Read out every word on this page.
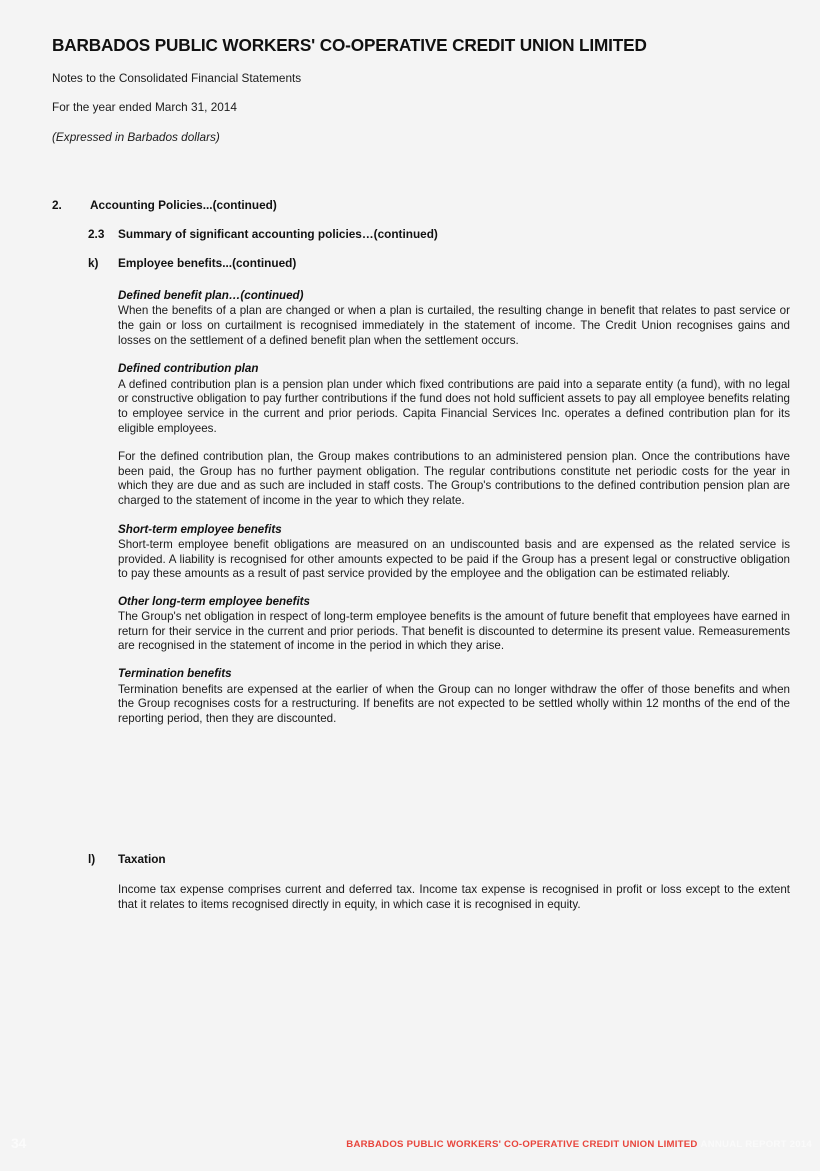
BARBADOS PUBLIC WORKERS' CO-OPERATIVE CREDIT UNION LIMITED

Notes to the Consolidated Financial Statements

For the year ended March 31, 2014

(Expressed in Barbados dollars)

2.	Accounting Policies...(continued)
2.3	Summary of significant accounting policies…(continued)
k)	Employee benefits...(continued)

Defined benefit plan…(continued)

When the benefits of a plan are changed or when a plan is curtailed, the resulting change in benefit that relates to past service or the gain or loss on curtailment is recognised immediately in the statement of income. The Credit Union recognises gains and losses on the settlement of a defined benefit plan when the settlement occurs.

Defined contribution plan

A defined contribution plan is a pension plan under which fixed contributions are paid into a separate entity (a fund), with no legal or constructive obligation to pay further contributions if the fund does not hold sufficient assets to pay all employee benefits relating to employee service in the current and prior periods. Capita Financial Services Inc. operates a defined contribution plan for its eligible employees.

For the defined contribution plan, the Group makes contributions to an administered pension plan. Once the contributions have been paid, the Group has no further payment obligation. The regular contributions constitute net periodic costs for the year in which they are due and as such are included in staff costs. The Group's contributions to the defined contribution pension plan are charged to the statement of income in the year to which they relate.

Short-term employee benefits

Short-term employee benefit obligations are measured on an undiscounted basis and are expensed as the related service is provided. A liability is recognised for other amounts expected to be paid if the Group has a present legal or constructive obligation to pay these amounts as a result of past service provided by the employee and the obligation can be estimated reliably.

Other long-term employee benefits

The Group's net obligation in respect of long-term employee benefits is the amount of future benefit that employees have earned in return for their service in the current and prior periods. That benefit is discounted to determine its present value. Remeasurements are recognised in the statement of income in the period in which they arise.

Termination benefits

Termination benefits are expensed at the earlier of when the Group can no longer withdraw the offer of those benefits and when the Group recognises costs for a restructuring. If benefits are not expected to be settled wholly within 12 months of the end of the reporting period, then they are discounted.

l)	Taxation

Income tax expense comprises current and deferred tax. Income tax expense is recognised in profit or loss except to the extent that it relates to items recognised directly in equity, in which case it is recognised in equity.

34	BARBADOS PUBLIC WORKERS' CO-OPERATIVE CREDIT UNION LIMITED ANNUAL REPORT 2014
